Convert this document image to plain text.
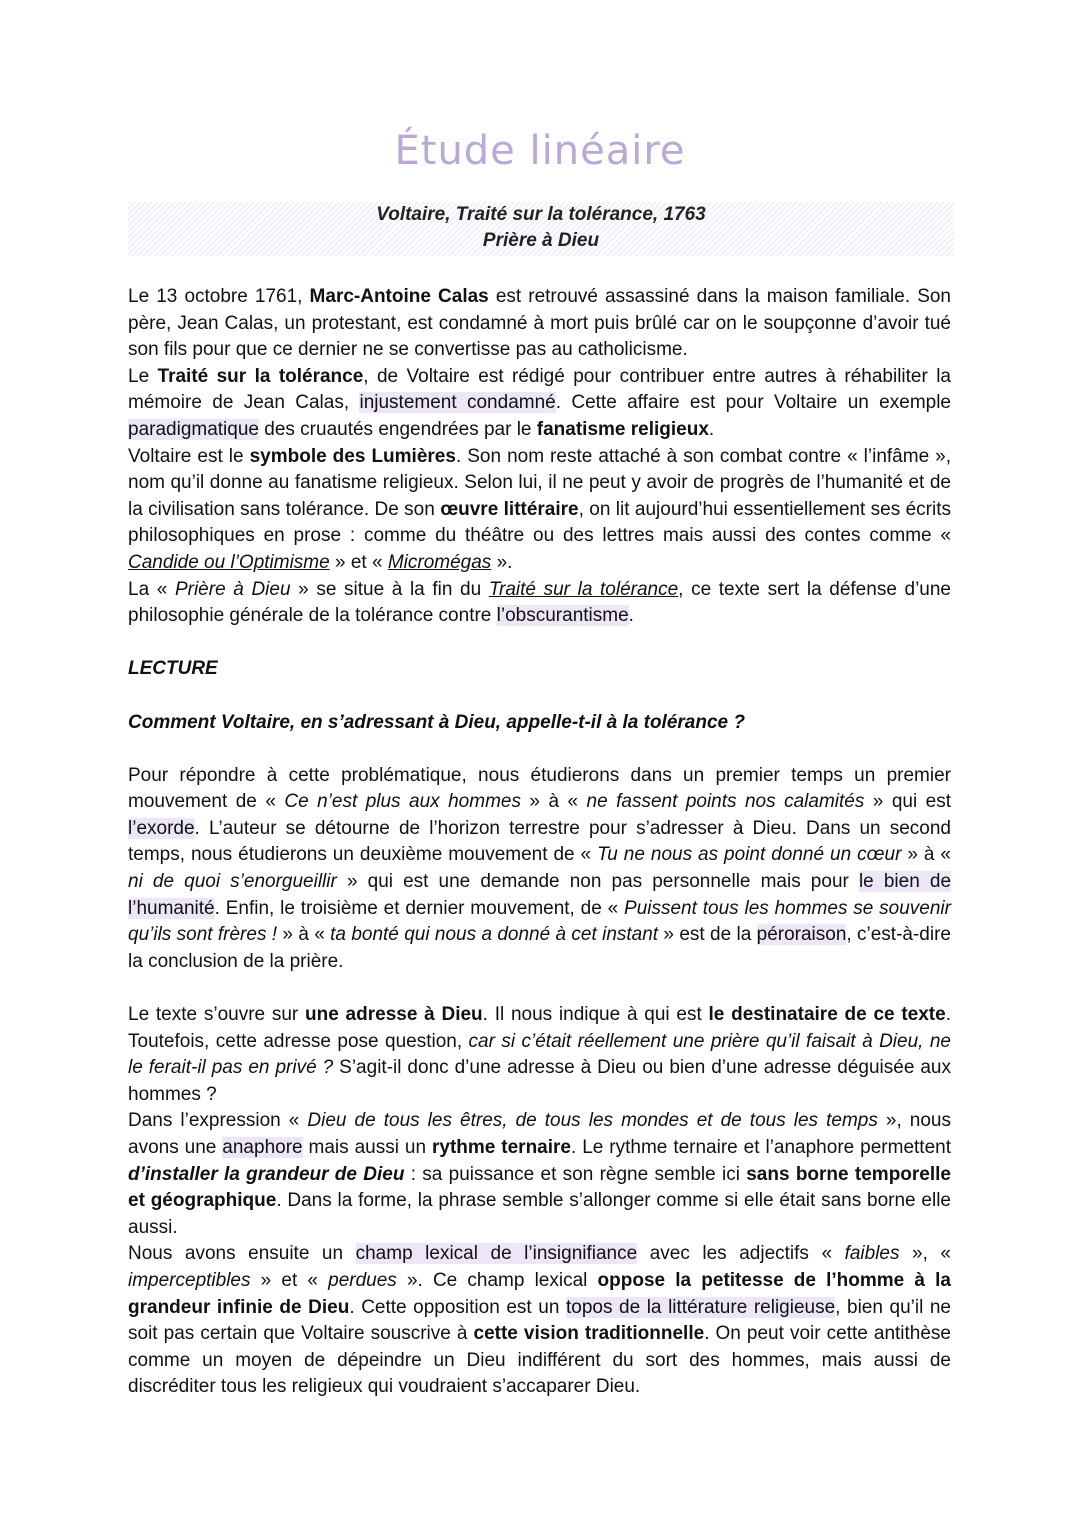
Étude linéaire
Voltaire, Traité sur la tolérance, 1763
Prière à Dieu

Le 13 octobre 1761, Marc-Antoine Calas est retrouvé assassiné dans la maison familiale. Son père, Jean Calas, un protestant, est condamné à mort puis brûlé car on le soupçonne d’avoir tué son fils pour que ce dernier ne se convertisse pas au catholicisme.

Le Traité sur la tolérance, de Voltaire est rédigé pour contribuer entre autres à réhabiliter la mémoire de Jean Calas, injustement condamné. Cette affaire est pour Voltaire un exemple paradigmatique des cruautés engendrées par le fanatisme religieux.

Voltaire est le symbole des Lumières. Son nom reste attaché à son combat contre « l’infâme », nom qu’il donne au fanatisme religieux. Selon lui, il ne peut y avoir de progrès de l’humanité et de la civilisation sans tolérance. De son œuvre littéraire, on lit aujourd’hui essentiellement ses écrits philosophiques en prose : comme du théâtre ou des lettres mais aussi des contes comme « Candide ou l’Optimisme » et « Micromégas ».

La « Prière à Dieu » se situe à la fin du Traité sur la tolérance, ce texte sert la défense d’une philosophie générale de la tolérance contre l’obscurantisme.

LECTURE

Comment Voltaire, en s’adressant à Dieu, appelle-t-il à la tolérance ?

Pour répondre à cette problématique, nous étudierons dans un premier temps un premier mouvement de « Ce n’est plus aux hommes » à « ne fassent points nos calamités » qui est l’exorde. L’auteur se détourne de l’horizon terrestre pour s’adresser à Dieu. Dans un second temps, nous étudierons un deuxième mouvement de « Tu ne nous as point donné un cœur » à « ni de quoi s’enorgueillir » qui est une demande non pas personnelle mais pour le bien de l’humanité. Enfin, le troisième et dernier mouvement, de « Puissent tous les hommes se souvenir qu’ils sont frères ! » à « ta bonté qui nous a donné à cet instant » est de la péroraison, c’est-à-dire la conclusion de la prière.

Le texte s’ouvre sur une adresse à Dieu. Il nous indique à qui est le destinataire de ce texte. Toutefois, cette adresse pose question, car si c’était réellement une prière qu’il faisait à Dieu, ne le ferait-il pas en privé ? S’agit-il donc d’une adresse à Dieu ou bien d’une adresse déguisée aux hommes ?

Dans l’expression « Dieu de tous les êtres, de tous les mondes et de tous les temps », nous avons une anaphore mais aussi un rythme ternaire. Le rythme ternaire et l’anaphore permettent d’installer la grandeur de Dieu : sa puissance et son règne semble ici sans borne temporelle et géographique. Dans la forme, la phrase semble s’allonger comme si elle était sans borne elle aussi.

Nous avons ensuite un champ lexical de l’insignifiance avec les adjectifs « faibles », « imperceptibles » et « perdues ». Ce champ lexical oppose la petitesse de l’homme à la grandeur infinie de Dieu. Cette opposition est un topos de la littérature religieuse, bien qu’il ne soit pas certain que Voltaire souscrive à cette vision traditionnelle. On peut voir cette antithèse comme un moyen de dépeindre un Dieu indifférent du sort des hommes, mais aussi de discréditer tous les religieux qui voudraient s’accaparer Dieu.
